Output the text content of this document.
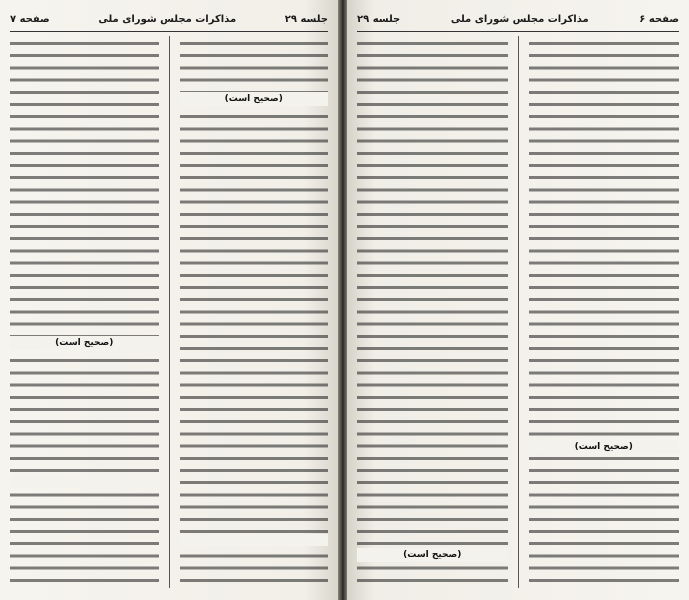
جلسه ۲۹
مذاکرات مجلس شورای ملی
صفحه ۷
(صحیح است)
(صحیح است)
صفحه ۶
مذاکرات مجلس شورای ملی
جلسه ۲۹
(صحیح است)
(صحیح است)
